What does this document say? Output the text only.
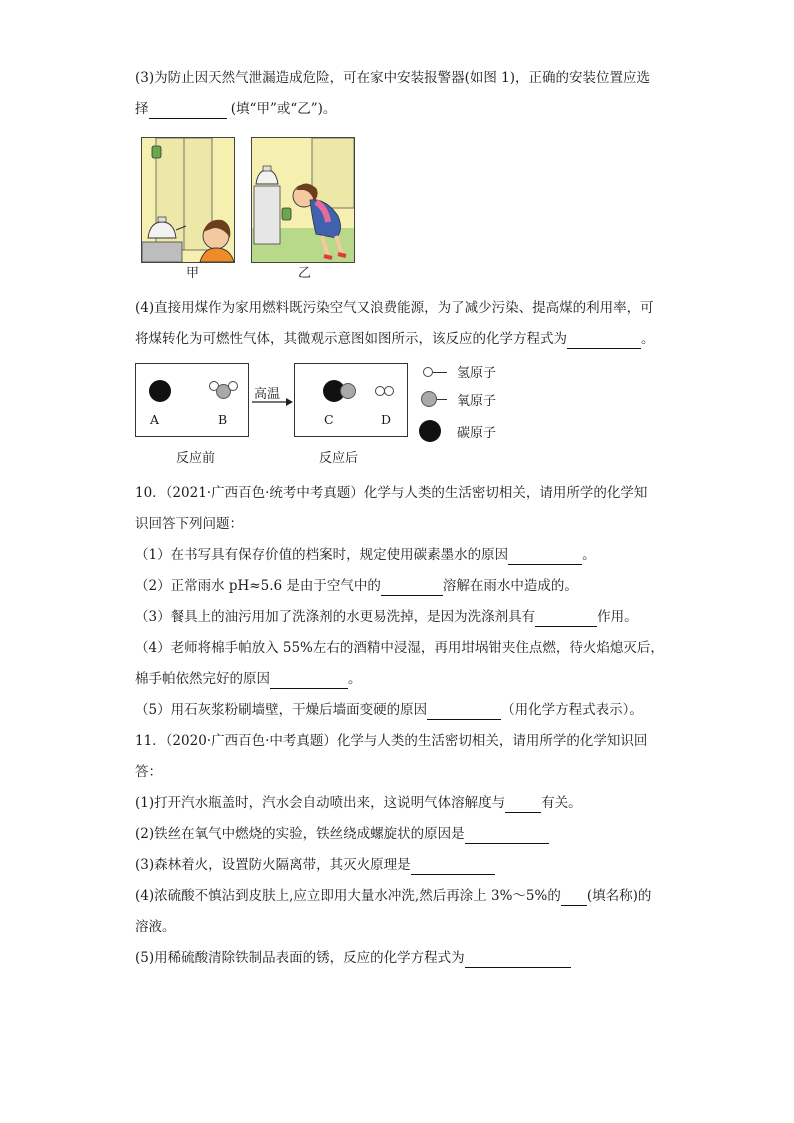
(3)为防止因天然气泄漏造成危险，可在家中安装报警器(如图 1)，正确的安装位置应选
择	(填“甲”或“乙”)。
甲	乙
(4)直接用煤作为家用燃料既污染空气又浪费能源，为了减少污染、提高煤的利用率，可
将煤转化为可燃性气体，其微观示意图如图所示，该反应的化学方程式为	。
A	B
高温
C	D
氢原子
氧原子
碳原子
反应前	反应后
10．（2021·广西百色·统考中考真题）化学与人类的生活密切相关，请用所学的化学知
识回答下列问题：
（1）在书写具有保存价值的档案时，规定使用碳素墨水的原因	。
（2）正常雨水 pH≈5.6 是由于空气中的	溶解在雨水中造成的。
（3）餐具上的油污用加了洗涤剂的水更易洗掉，是因为洗涤剂具有	作用。
（4）老师将棉手帕放入 55%左右的酒精中浸湿，再用坩埚钳夹住点燃，待火焰熄灭后，
棉手帕依然完好的原因	。
（5）用石灰浆粉刷墙壁，干燥后墙面变硬的原因	（用化学方程式表示）。
11．（2020·广西百色·中考真题）化学与人类的生活密切相关，请用所学的化学知识回
答：
(1)打开汽水瓶盖时，汽水会自动喷出来，这说明气体溶解度与	有关。
(2)铁丝在氧气中燃烧的实验，铁丝绕成螺旋状的原因是
(3)森林着火，设置防火隔离带，其灭火原理是
(4)浓硫酸不慎沾到皮肤上,应立即用大量水冲洗,然后再涂上 3%～5%的 (填名称)的
溶液。
(5)用稀硫酸清除铁制品表面的锈，反应的化学方程式为
